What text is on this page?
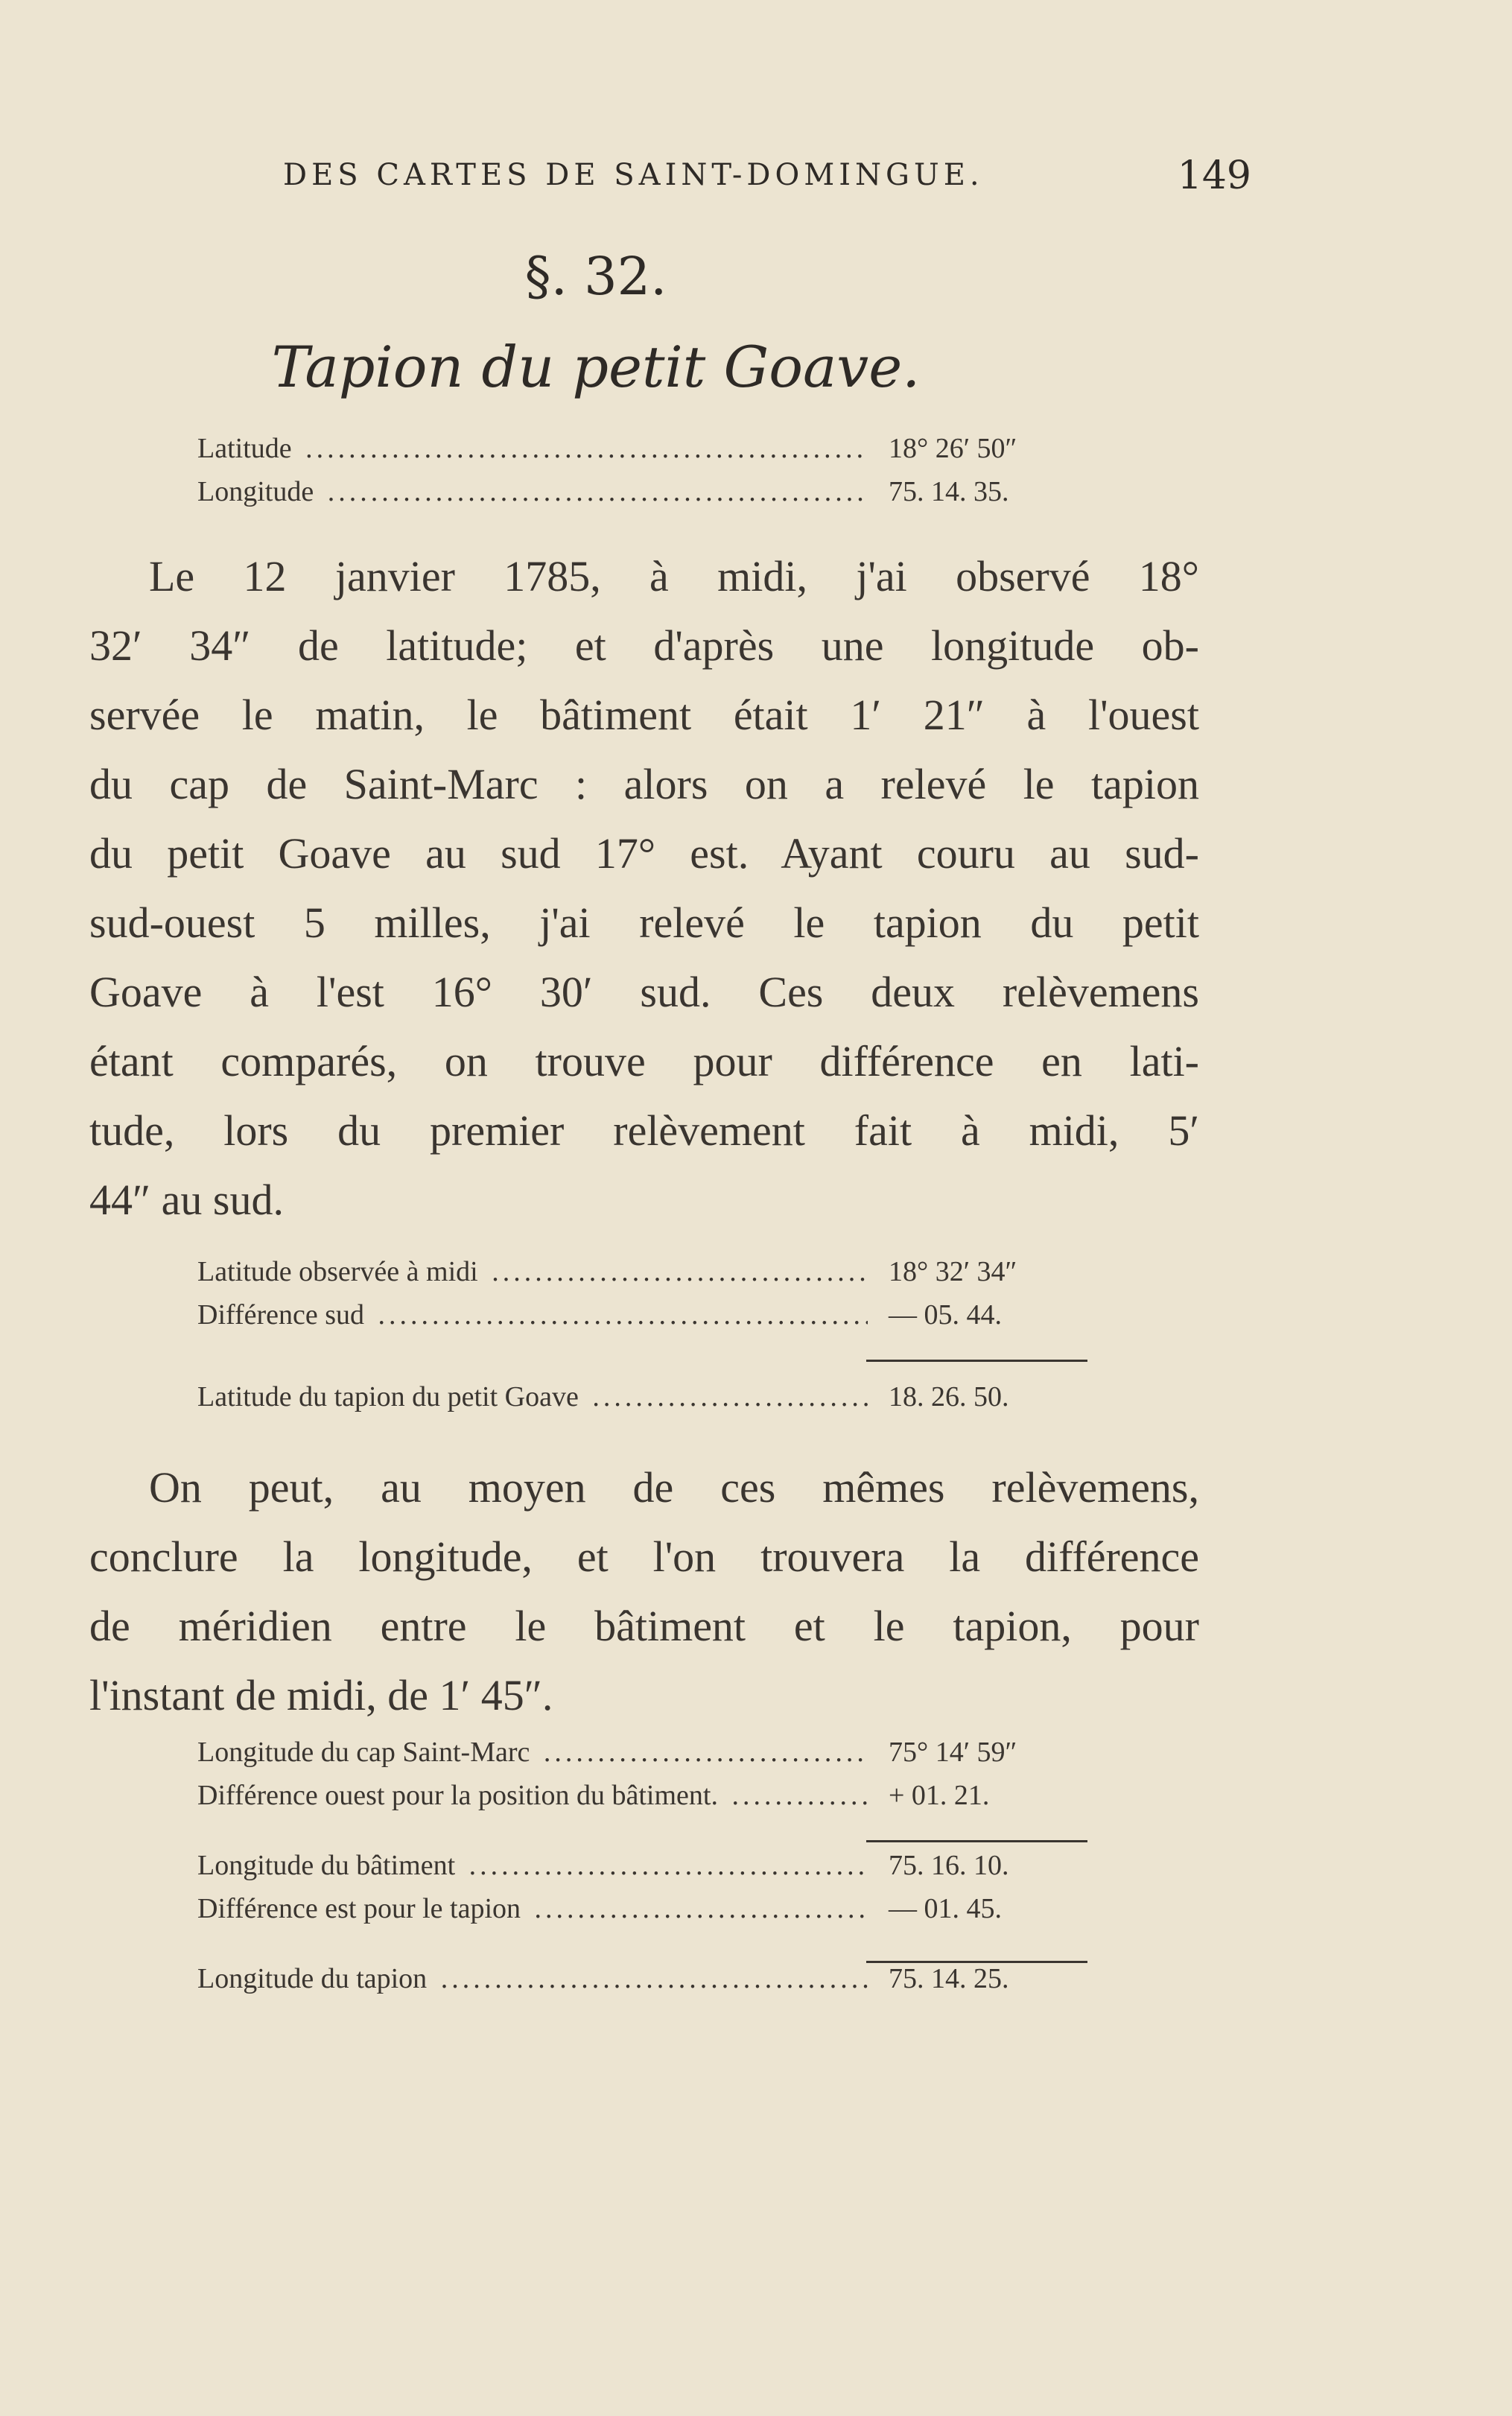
DES CARTES DE SAINT-DOMINGUE.	149
§. 32.
Tapion du petit Goave.
Latitude .....	18° 26′ 50″
Longitude .....	75. 14. 35.
Le 12 janvier 1785, à midi, j'ai observé 18°
32′ 34″ de latitude; et d'après une longitude ob-
servée le matin, le bâtiment était 1′ 21″ à l'ouest
du cap de Saint-Marc : alors on a relevé le tapion
du petit Goave au sud 17° est. Ayant couru au sud-
sud-ouest 5 milles, j'ai relevé le tapion du petit
Goave à l'est 16° 30′ sud. Ces deux relèvemens
étant comparés, on trouve pour différence en lati-
tude, lors du premier relèvement fait à midi, 5′
44″ au sud.
Latitude observée à midi .....	18° 32′ 34″
Différence sud .....	— 05. 44.
Latitude du tapion du petit Goave .....	18. 26. 50.
On peut, au moyen de ces mêmes relèvemens,
conclure la longitude, et l'on trouvera la différence
de méridien entre le bâtiment et le tapion, pour
l'instant de midi, de 1′ 45″.
Longitude du cap Saint-Marc .....	75° 14′ 59″
Différence ouest pour la position du bâtiment. .....	+ 01. 21.
Longitude du bâtiment .....	75. 16. 10.
Différence est pour le tapion .....	— 01. 45.
Longitude du tapion .....	75. 14. 25.
